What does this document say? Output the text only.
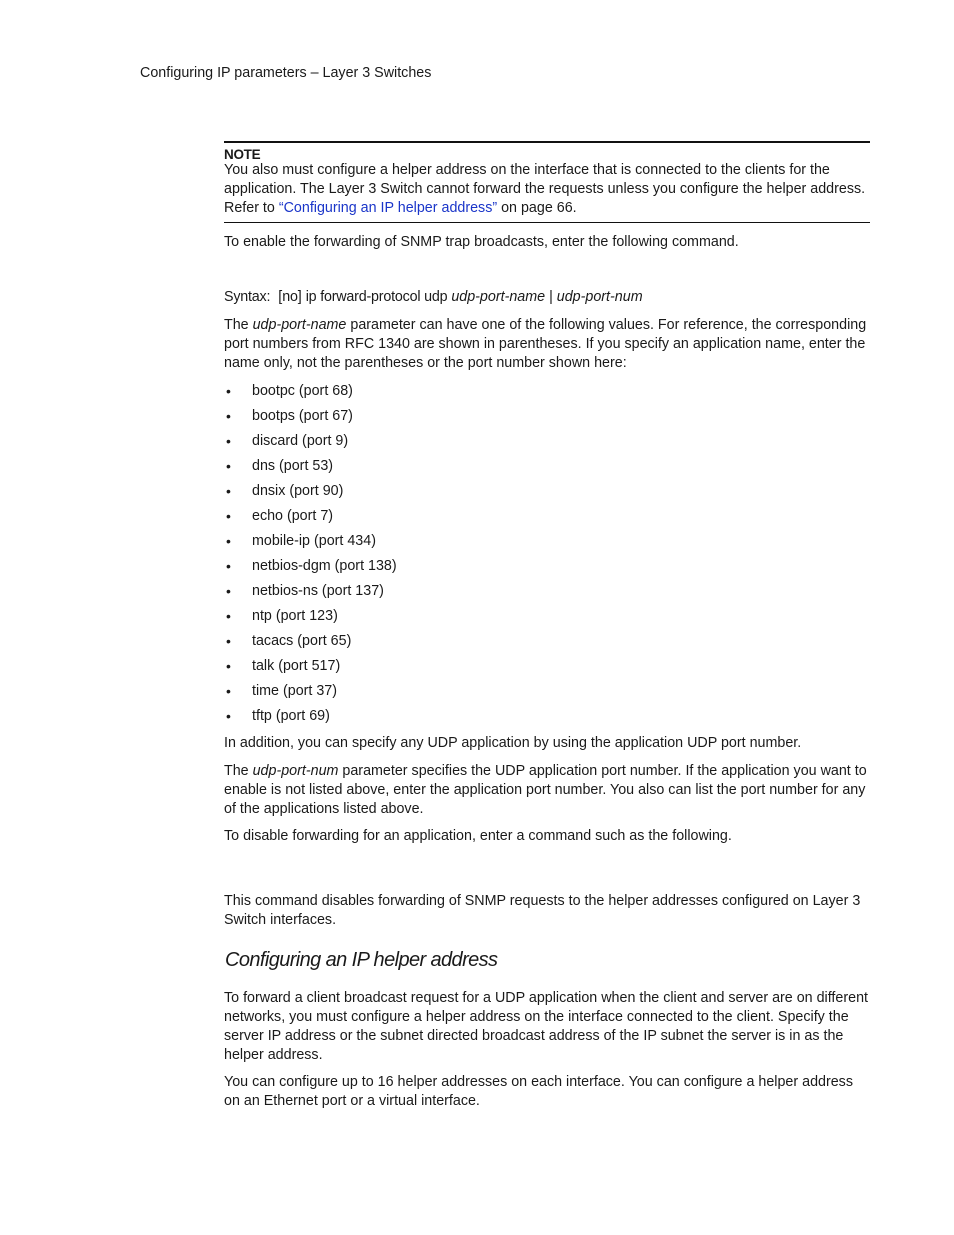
Configuring IP parameters – Layer 3 Switches
NOTE

You also must configure a helper address on the interface that is connected to the clients for the application. The Layer 3 Switch cannot forward the requests unless you configure the helper address. Refer to “Configuring an IP helper address” on page 66.

To enable the forwarding of SNMP trap broadcasts, enter the following command.
Syntax: [no] ip forward-protocol udp udp-port-name | udp-port-num

The udp-port-name parameter can have one of the following values. For reference, the corresponding port numbers from RFC 1340 are shown in parentheses. If you specify an application name, enter the name only, not the parentheses or the port number shown here:

• bootpc (port 68)
• bootps (port 67)
• discard (port 9)
• dns (port 53)
• dnsix (port 90)
• echo (port 7)
• mobile-ip (port 434)
• netbios-dgm (port 138)
• netbios-ns (port 137)
• ntp (port 123)
• tacacs (port 65)
• talk (port 517)
• time (port 37)
• tftp (port 69)
In addition, you can specify any UDP application by using the application UDP port number.

The udp-port-num parameter specifies the UDP application port number. If the application you want to enable is not listed above, enter the application port number. You also can list the port number for any of the applications listed above.

To disable forwarding for an application, enter a command such as the following.
This command disables forwarding of SNMP requests to the helper addresses configured on Layer 3 Switch interfaces.
Configuring an IP helper address
To forward a client broadcast request for a UDP application when the client and server are on different networks, you must configure a helper address on the interface connected to the client. Specify the server IP address or the subnet directed broadcast address of the IP subnet the server is in as the helper address.
You can configure up to 16 helper addresses on each interface. You can configure a helper address on an Ethernet port or a virtual interface.
